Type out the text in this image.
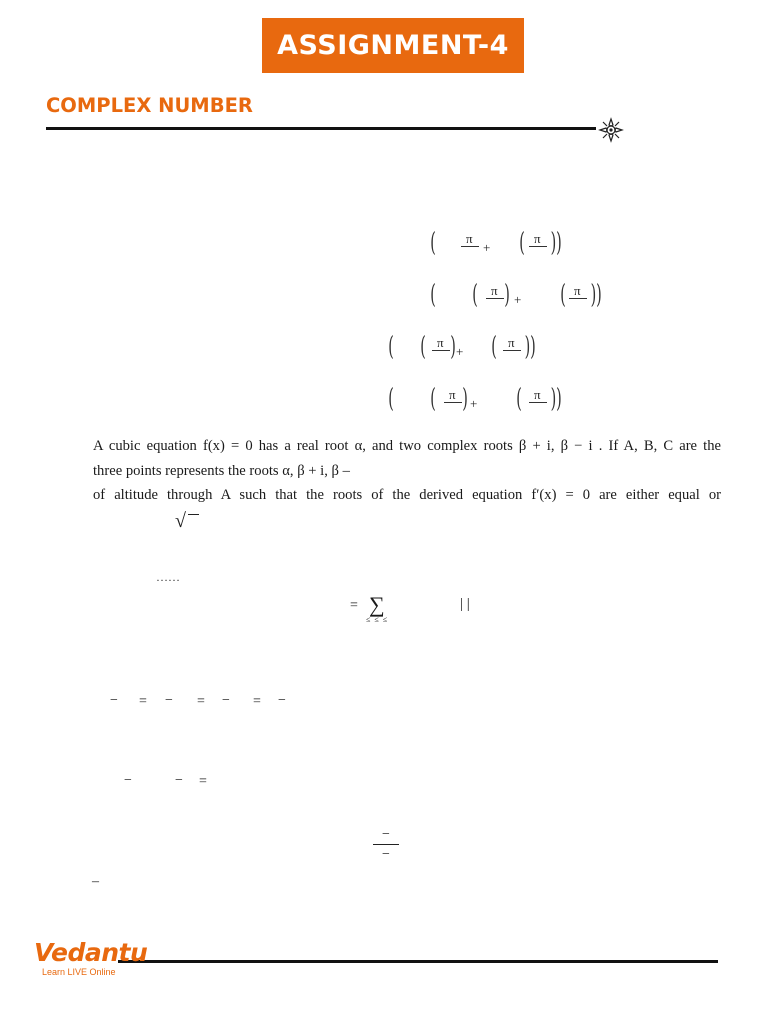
ASSIGNMENT-4
COMPLEX NUMBER
( π
+ ( π ))
( ( π ) + ( π ))
( ( π ) + ( π ))
( ( π ) + ( π ))
A cubic equation f(x) = 0 has a real root α, and two complex roots β + i, β − i . If A, B, C are the
three points represents the roots α, β + i, β –
of altitude through A such that the roots of the derived equation f′(x) = 0 are either equal or
√
……
= ∑
≤ ≤ ≤
| |
− = − = − = −
−	− =
−
−
–
Vedantu
Learn LIVE Online
